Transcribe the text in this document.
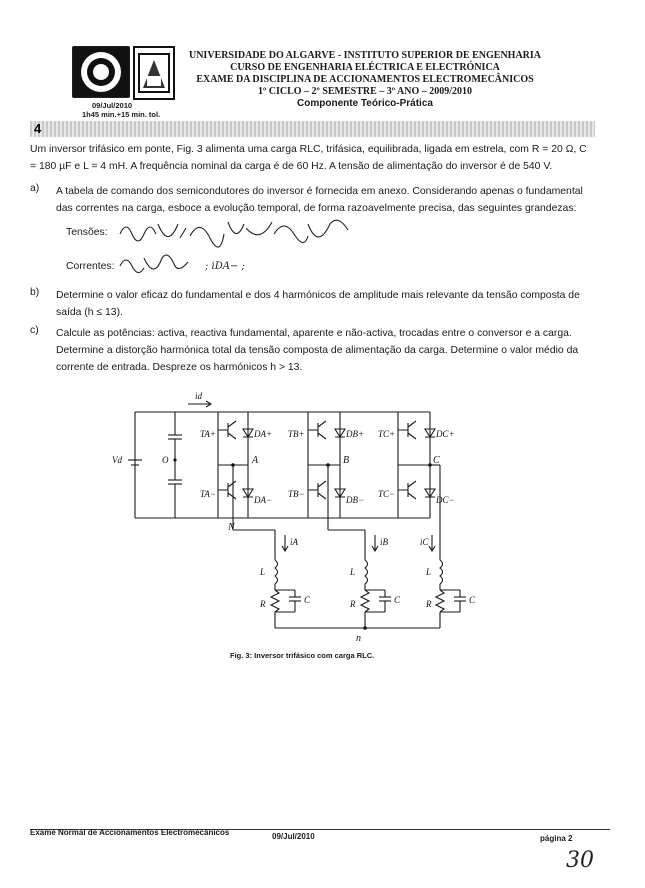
UNIVERSIDADE DO ALGARVE - INSTITUTO SUPERIOR DE ENGENHARIA
CURSO DE ENGENHARIA ELÉCTRICA E ELECTRÓNICA
EXAME DA DISCIPLINA DE ACCIONAMENTOS ELECTROMECÂNICOS
1º CICLO – 2º SEMESTRE – 3º ANO – 2009/2010
Componente Teórico-Prática
09/Jul/2010
1h45 min.+15 min. tol.
4
Um inversor trifásico em ponte, Fig. 3 alimenta uma carga RLC, trifásica, equilibrada, ligada em estrela, com R = 20 Ω, C
= 180 µF e L = 4 mH. A frequência nominal da carga é de 60 Hz. A tensão de alimentação do inversor é de 540 V.
a) A tabela de comando dos semicondutores do inversor é fornecida em anexo. Considerando apenas o fundamental
das correntes na carga, esboce a evolução temporal, de forma razoavelmente precisa, das seguintes grandezas:
Tensões:
Correntes:	; iDA− ;
b) Determine o valor eficaz do fundamental e dos 4 harmónicos de amplitude mais relevante da tensão composta de
saída (h ≤ 13).
c) Calcule as potências: activa, reactiva fundamental, aparente e não-activa, trocadas entre o conversor e a carga.
Determine a distorção harmónica total da tensão composta de alimentação da carga. Determine o valor médio da
corrente de entrada. Despreze os harmónicos h > 13.
Vd	O
id
TA+	DA+ TB+	DB+ TC+	DC+
A	B	C
TA−
DA−
TB−
DB−
TC−
DC−
N
iA	iB	iC
L	L	L
R	R	R
C	C	C
n
Fig. 3: Inversor trifásico com carga RLC.
Exame Normal de Accionamentos Electromecânicos	09/Jul/2010	página 2
30
